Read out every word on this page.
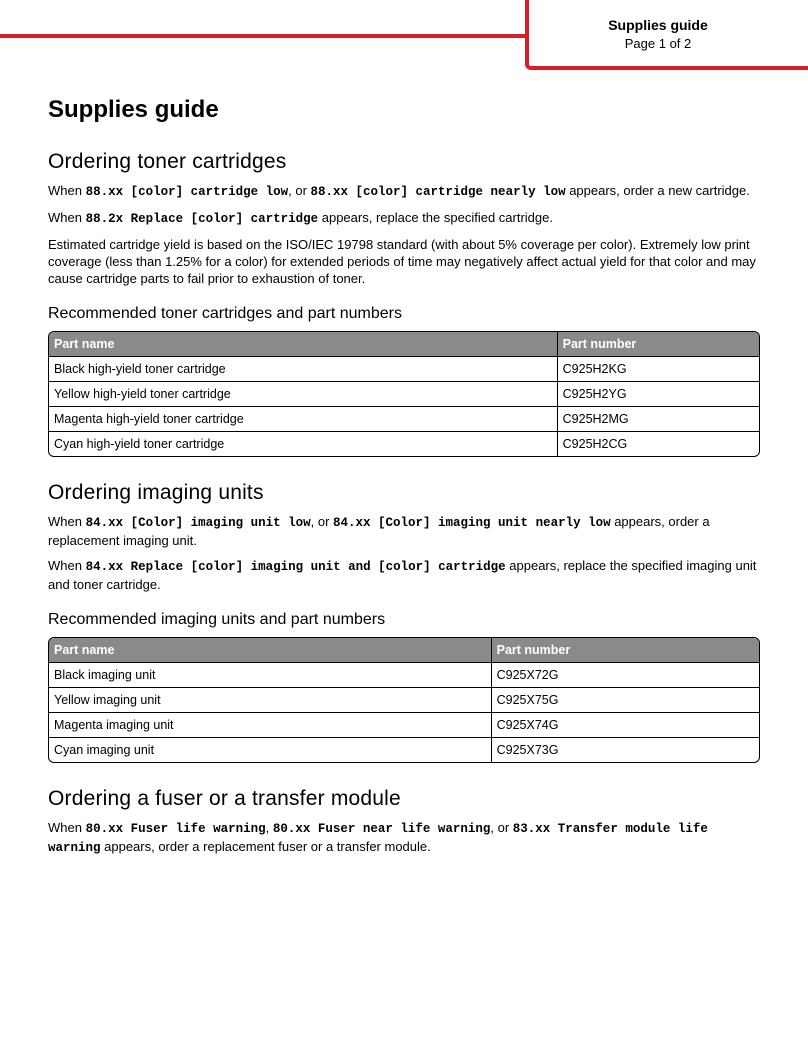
Supplies guide
Page 1 of 2
Supplies guide
Ordering toner cartridges

When 88.xx [color] cartridge low, or 88.xx [color] cartridge nearly low appears, order a new cartridge.

When 88.2x Replace [color] cartridge appears, replace the specified cartridge.

Estimated cartridge yield is based on the ISO/IEC 19798 standard (with about 5% coverage per color). Extremely low print coverage (less than 1.25% for a color) for extended periods of time may negatively affect actual yield for that color and may cause cartridge parts to fail prior to exhaustion of toner.

Recommended toner cartridges and part numbers
Part name	Part number
Black high-yield toner cartridge	C925H2KG
Yellow high-yield toner cartridge	C925H2YG
Magenta high-yield toner cartridge	C925H2MG
Cyan high-yield toner cartridge	C925H2CG
Ordering imaging units

When 84.xx [Color] imaging unit low, or 84.xx [Color] imaging unit nearly low appears, order a replacement imaging unit.

When 84.xx Replace [color] imaging unit and [color] cartridge appears, replace the specified imaging unit and toner cartridge.

Recommended imaging units and part numbers
Part name	Part number
Black imaging unit	C925X72G
Yellow imaging unit	C925X75G
Magenta imaging unit	C925X74G
Cyan imaging unit	C925X73G
Ordering a fuser or a transfer module

When 80.xx Fuser life warning, 80.xx Fuser near life warning, or 83.xx Transfer module life warning appears, order a replacement fuser or a transfer module.
